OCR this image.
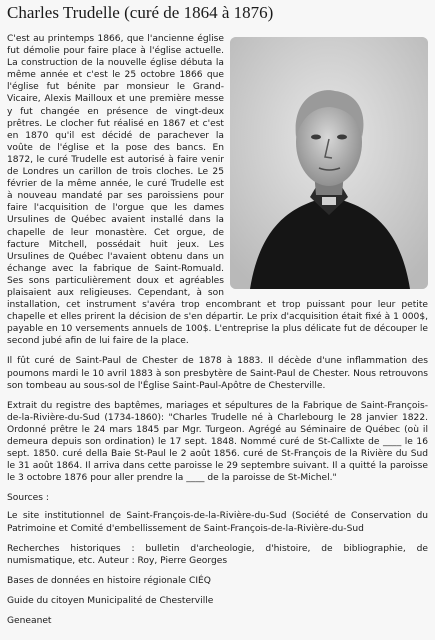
Charles Trudelle (curé de 1864 à 1876)

C'est au printemps 1866, que l'ancienne église fut démolie pour faire place à l'église actuelle. La construction de la nouvelle église débuta la même année et c'est le 25 octobre 1866 que l'église fut bénite par monsieur le Grand-Vicaire, Alexis Mailloux et une première messe y fut changée en présence de vingt-deux prêtres. Le clocher fut réalisé en 1867 et c'est en 1870 qu'il est décidé de parachever la voûte de l'église et la pose des bancs. En 1872, le curé Trudelle est autorisé à faire venir de Londres un carillon de trois cloches. Le 25 février de la même année, le curé Trudelle est à nouveau mandaté par ses paroissiens pour faire l'acquisition de l'orgue que les dames Ursulines de Québec avaient installé dans la chapelle de leur monastère. Cet orgue, de facture Mitchell, possédait huit jeux. Les Ursulines de Québec l'avaient obtenu dans un échange avec la fabrique de Saint-Romuald. Ses sons particulièrement doux et agréables plaisaient aux religieuses. Cependant, à son installation, cet instrument s'avéra trop encombrant et trop puissant pour leur petite chapelle et elles prirent la décision de s'en départir. Le prix d'acquisition était fixé à 1 000$, payable en 10 versements annuels de 100$. L'entreprise la plus délicate fut de découper le second jubé afin de lui faire de la place.

Il fût curé de Saint-Paul de Chester de 1878 à 1883. Il décède d'une inflammation des poumons mardi le 10 avril 1883 à son presbytère de Saint-Paul de Chester. Nous retrouvons son tombeau au sous-sol de l'Église Saint-Paul-Apôtre de Chesterville.

Extrait du registre des baptêmes, mariages et sépultures de la Fabrique de Saint-François-de-la-Rivière-du-Sud (1734-1860): "Charles Trudelle né à Charlebourg le 28 janvier 1822. Ordonné prêtre le 24 mars 1845 par Mgr. Turgeon. Agrégé au Séminaire de Québec (où il demeura depuis son ordination) le 17 sept. 1848. Nommé curé de St-Callixte de ____ le 16 sept. 1850. curé della Baie St-Paul le 2 août 1856. curé de St-François de la Rivière du Sud le 31 août 1864. Il arriva dans cette paroisse le 29 septembre suivant. Il a quitté la paroisse le 3 octobre 1876 pour aller prendre la ____ de la paroisse de St-Michel."

Sources :

Le site institutionnel de Saint-François-de-la-Rivière-du-Sud (Société de Conservation du Patrimoine et Comité d'embellissement de Saint-François-de-la-Rivière-du-Sud

Recherches historiques : bulletin d'archeologie, d'histoire, de bibliographie, de numismatique, etc. Auteur : Roy, Pierre Georges

Bases de données en histoire régionale CIÉQ

Guide du citoyen Municipalité de Chesterville

Geneanet
